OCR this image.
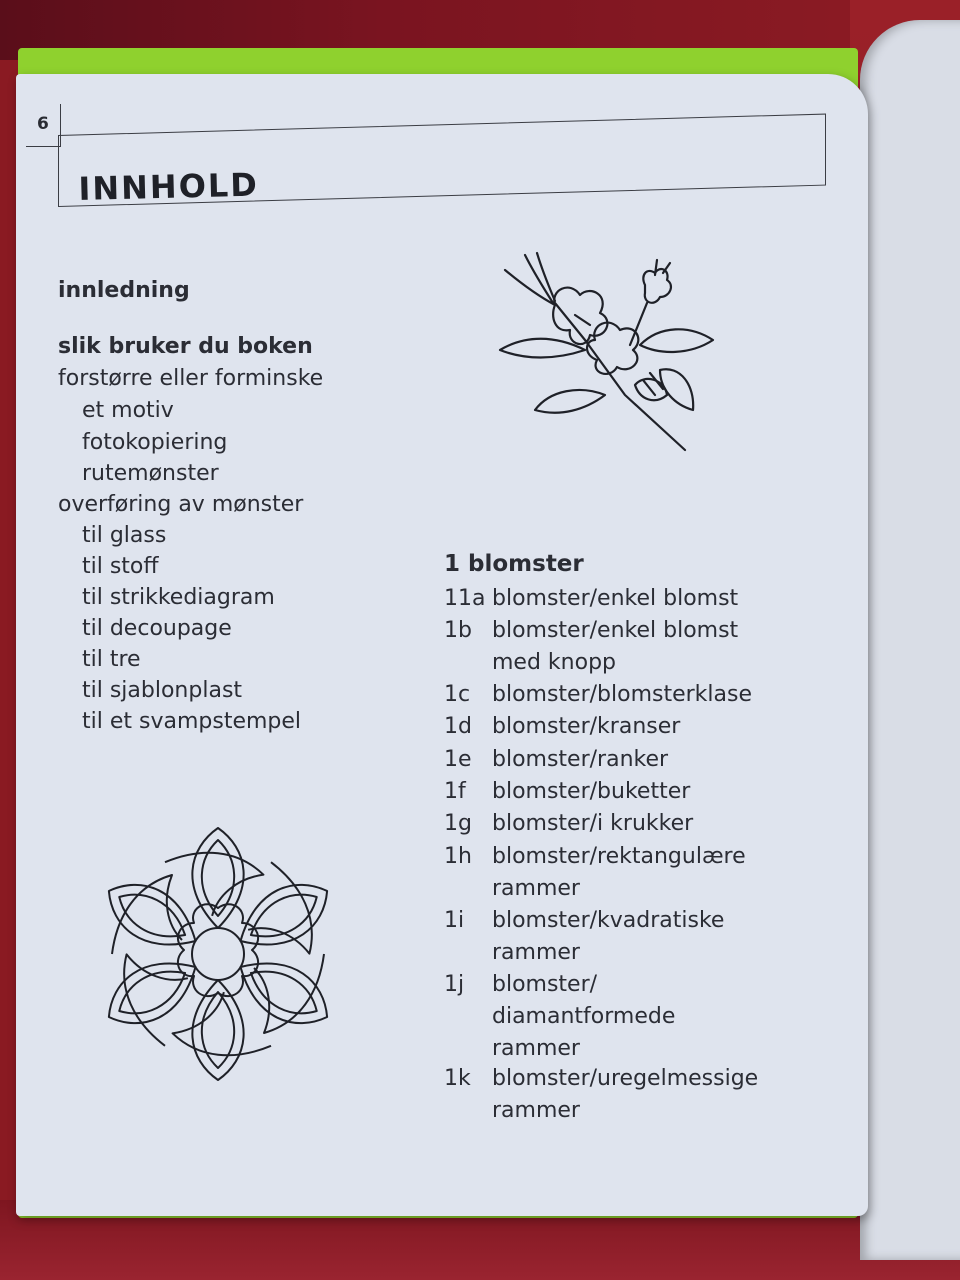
6
INNHOLD
innledning
slik bruker du boken
forstørre eller forminske
et motiv
fotokopiering
rutemønster
overføring av mønster
til glass
til stoff
til strikkediagram
til decoupage
til tre
til sjablonplast
til et svampstempel
1 blomster
11a blomster/enkel blomst
1b blomster/enkel blomst
med knopp
1c blomster/blomsterklase
1d blomster/kranser
1e blomster/ranker
1f blomster/buketter
1g blomster/i krukker
1h blomster/rektangulære
rammer
1i blomster/kvadratiske
rammer
1j blomster/
diamantformede
rammer
1k blomster/uregelmessige
rammer
